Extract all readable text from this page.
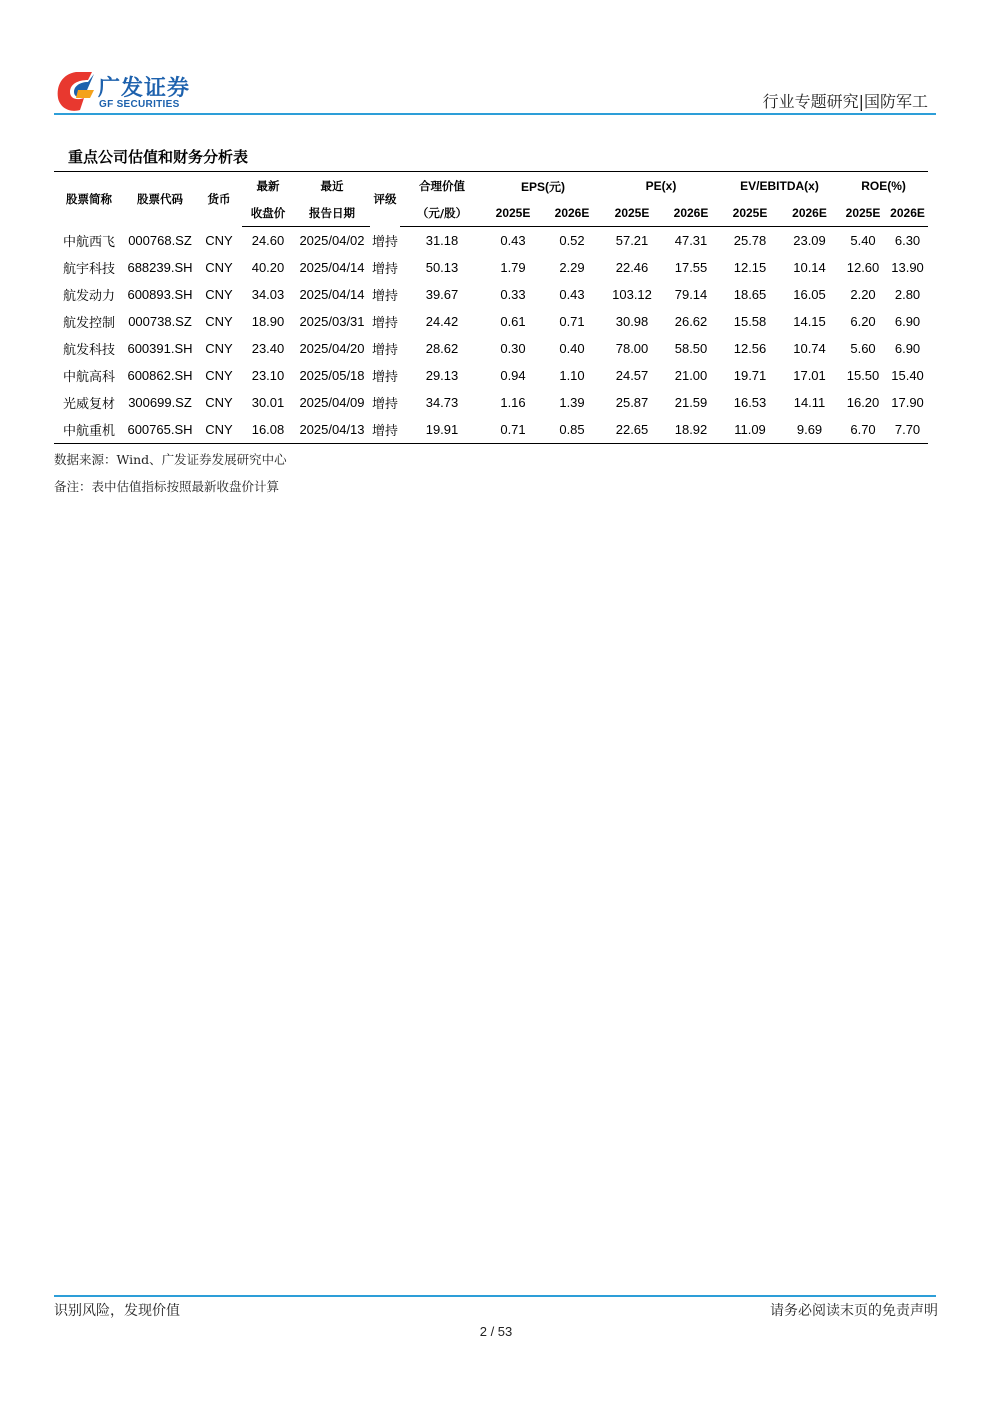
广发证券
GF SECURITIES	行业专题研究|国防军工
重点公司估值和财务分析表
股票简称	股票代码	货币	最新	最近	评级	合理价值	EPS(元)		PE(x)		EV/EBITDA(x)		ROE(%)	
			收盘价	报告日期		（元/股）	2025E	2026E	2025E	2026E	2025E	2026E	2025E	2026E
中航西飞	000768.SZ	CNY	24.60	2025/04/02	增持	31.18	0.43	0.52	57.21	47.31	25.78	23.09	5.40	6.30
航宇科技	688239.SH	CNY	40.20	2025/04/14	增持	50.13	1.79	2.29	22.46	17.55	12.15	10.14	12.60	13.90
航发动力	600893.SH	CNY	34.03	2025/04/14	增持	39.67	0.33	0.43	103.12	79.14	18.65	16.05	2.20	2.80
航发控制	000738.SZ	CNY	18.90	2025/03/31	增持	24.42	0.61	0.71	30.98	26.62	15.58	14.15	6.20	6.90
航发科技	600391.SH	CNY	23.40	2025/04/20	增持	28.62	0.30	0.40	78.00	58.50	12.56	10.74	5.60	6.90
中航高科	600862.SH	CNY	23.10	2025/05/18	增持	29.13	0.94	1.10	24.57	21.00	19.71	17.01	15.50	15.40
光威复材	300699.SZ	CNY	30.01	2025/04/09	增持	34.73	1.16	1.39	25.87	21.59	16.53	14.11	16.20	17.90
中航重机	600765.SH	CNY	16.08	2025/04/13	增持	19.91	0.71	0.85	22.65	18.92	11.09	9.69	6.70	7.70
数据来源：Wind、广发证券发展研究中心
备注：表中估值指标按照最新收盘价计算
识别风险，发现价值	请务必阅读末页的免责声明
2 / 53
